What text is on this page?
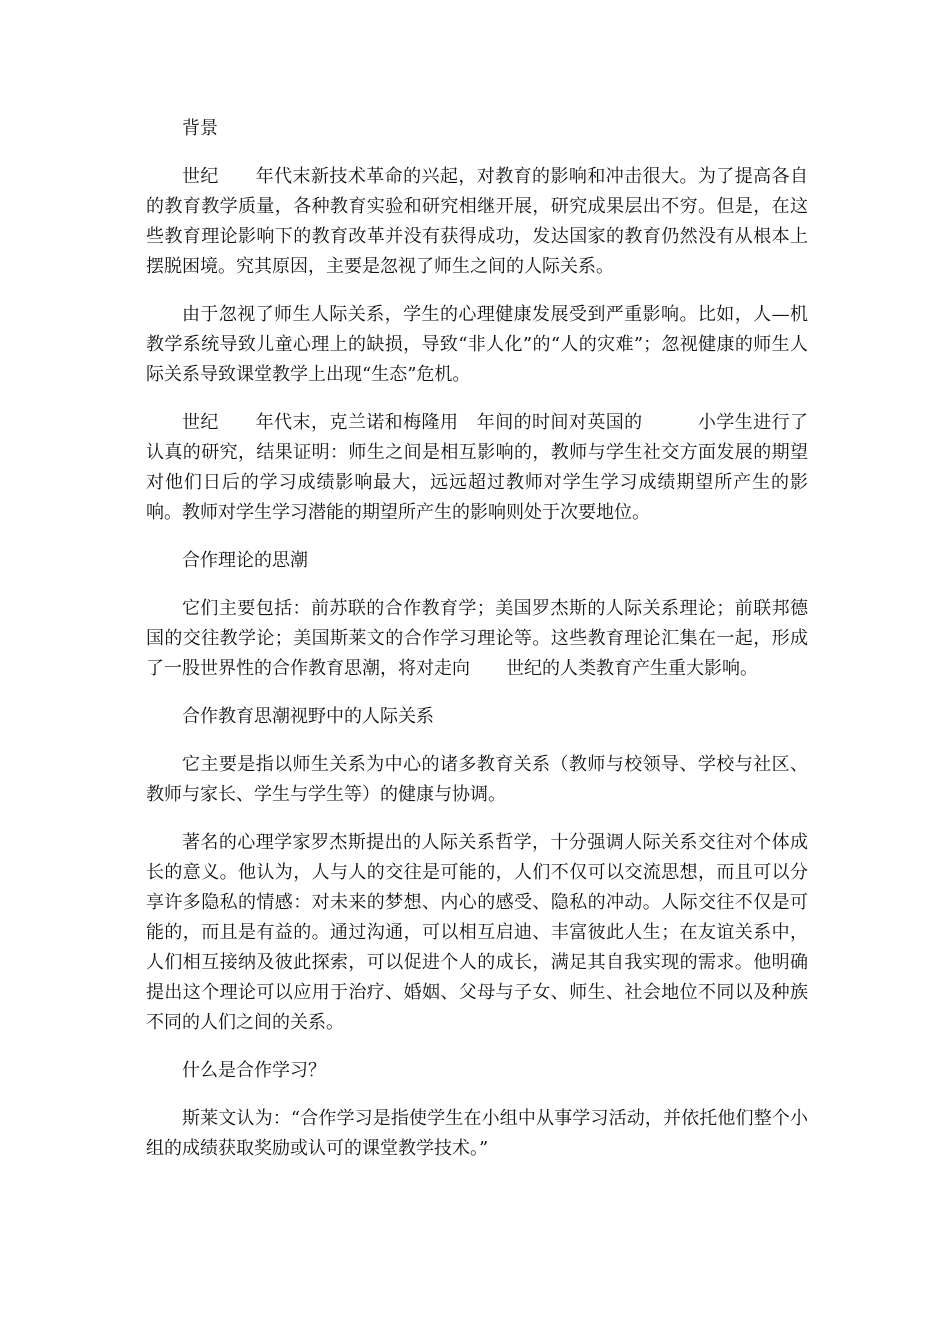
背景

世纪　　年代末新技术革命的兴起，对教育的影响和冲击很大。为了提高各自的教育教学质量，各种教育实验和研究相继开展，研究成果层出不穷。但是，在这些教育理论影响下的教育改革并没有获得成功，发达国家的教育仍然没有从根本上摆脱困境。究其原因，主要是忽视了师生之间的人际关系。

由于忽视了师生人际关系，学生的心理健康发展受到严重影响。比如，人—机教学系统导致儿童心理上的缺损，导致“非人化”的“人的灾难”；忽视健康的师生人际关系导致课堂教学上出现“生态”危机。

世纪　　年代末，克兰诺和梅隆用　年间的时间对英国的　　　小学生进行了认真的研究，结果证明：师生之间是相互影响的，教师与学生社交方面发展的期望对他们日后的学习成绩影响最大，远远超过教师对学生学习成绩期望所产生的影响。教师对学生学习潜能的期望所产生的影响则处于次要地位。

合作理论的思潮

它们主要包括：前苏联的合作教育学；美国罗杰斯的人际关系理论；前联邦德国的交往教学论；美国斯莱文的合作学习理论等。这些教育理论汇集在一起，形成了一股世界性的合作教育思潮，将对走向　　世纪的人类教育产生重大影响。

合作教育思潮视野中的人际关系

它主要是指以师生关系为中心的诸多教育关系（教师与校领导、学校与社区、教师与家长、学生与学生等）的健康与协调。

著名的心理学家罗杰斯提出的人际关系哲学，十分强调人际关系交往对个体成长的意义。他认为，人与人的交往是可能的，人们不仅可以交流思想，而且可以分享许多隐私的情感：对未来的梦想、内心的感受、隐私的冲动。人际交往不仅是可能的，而且是有益的。通过沟通，可以相互启迪、丰富彼此人生；在友谊关系中，人们相互接纳及彼此探索，可以促进个人的成长，满足其自我实现的需求。他明确提出这个理论可以应用于治疗、婚姻、父母与子女、师生、社会地位不同以及种族不同的人们之间的关系。

什么是合作学习？

斯莱文认为：“合作学习是指使学生在小组中从事学习活动，并依托他们整个小组的成绩获取奖励或认可的课堂教学技术。”
